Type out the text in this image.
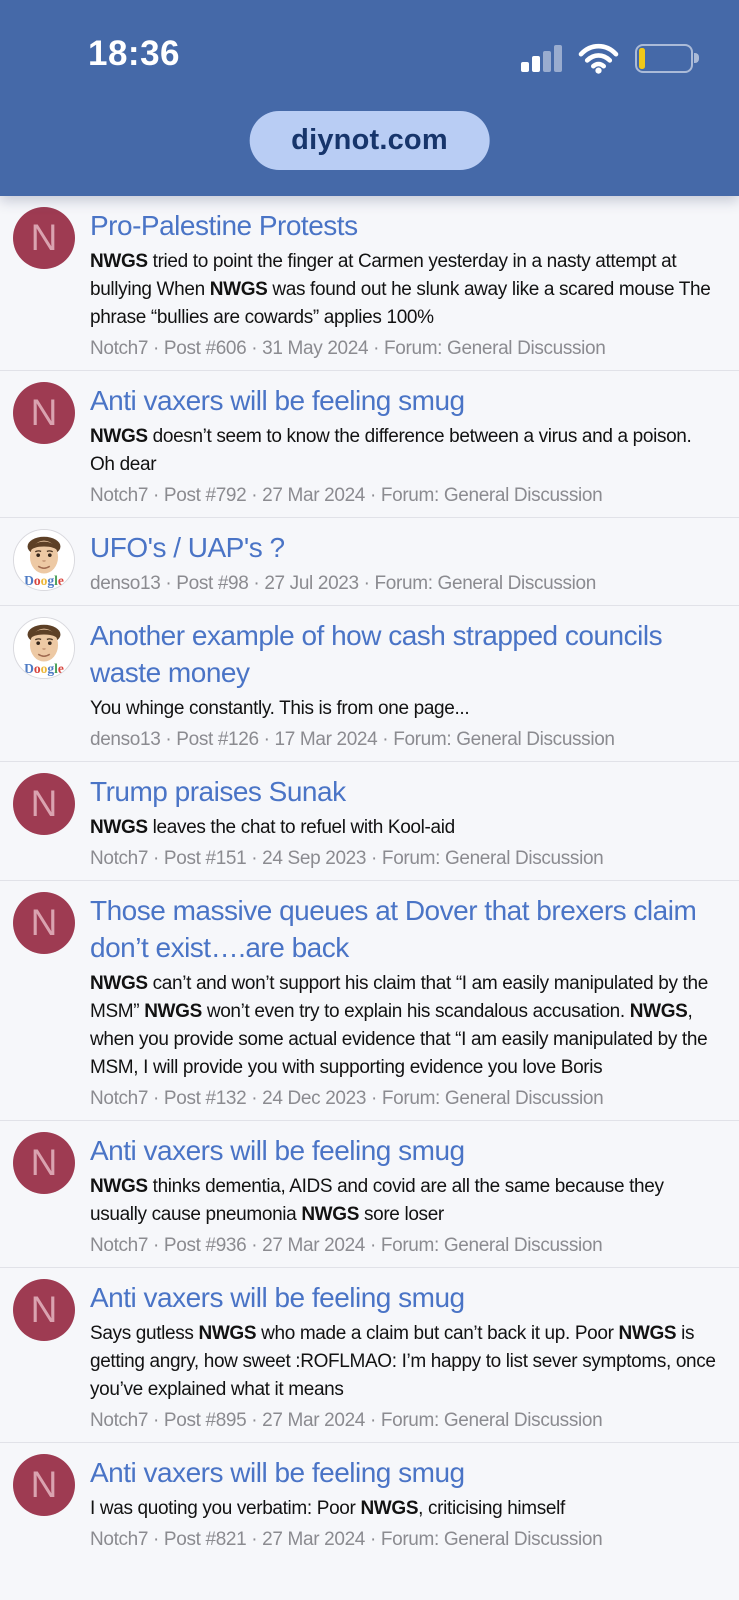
18:36
diynot.com
N	Pro-Palestine Protests

NWGS tried to point the finger at Carmen yesterday in a nasty attempt at bullying When NWGS was found out he slunk away like a scared mouse The phrase “bullies are cowards” applies 100%

Notch7 · Post #606 · 31 May 2024 · Forum: General Discussion

N	Anti vaxers will be feeling smug

NWGS doesn’t seem to know the difference between a virus and a poison. Oh dear

Notch7 · Post #792 · 27 Mar 2024 · Forum: General Discussion

Doogle
UFO's / UAP's ?

denso13 · Post #98 · 27 Jul 2023 · Forum: General Discussion

Doogle
Another example of how cash strapped councils waste money

You whinge constantly. This is from one page...

denso13 · Post #126 · 17 Mar 2024 · Forum: General Discussion

N	Trump praises Sunak

NWGS leaves the chat to refuel with Kool-aid

Notch7 · Post #151 · 24 Sep 2023 · Forum: General Discussion

N	Those massive queues at Dover that brexers claim don’t exist….are back

NWGS can’t and won’t support his claim that “I am easily manipulated by the MSM” NWGS won’t even try to explain his scandalous accusation. NWGS, when you provide some actual evidence that “I am easily manipulated by the MSM, I will provide you with supporting evidence you love Boris

Notch7 · Post #132 · 24 Dec 2023 · Forum: General Discussion

N	Anti vaxers will be feeling smug

NWGS thinks dementia, AIDS and covid are all the same because they usually cause pneumonia NWGS sore loser

Notch7 · Post #936 · 27 Mar 2024 · Forum: General Discussion

N	Anti vaxers will be feeling smug

Says gutless NWGS who made a claim but can’t back it up. Poor NWGS is getting angry, how sweet :ROFLMAO: I’m happy to list sever symptoms, once you’ve explained what it means

Notch7 · Post #895 · 27 Mar 2024 · Forum: General Discussion

N	Anti vaxers will be feeling smug

I was quoting you verbatim: Poor NWGS, criticising himself

Notch7 · Post #821 · 27 Mar 2024 · Forum: General Discussion
